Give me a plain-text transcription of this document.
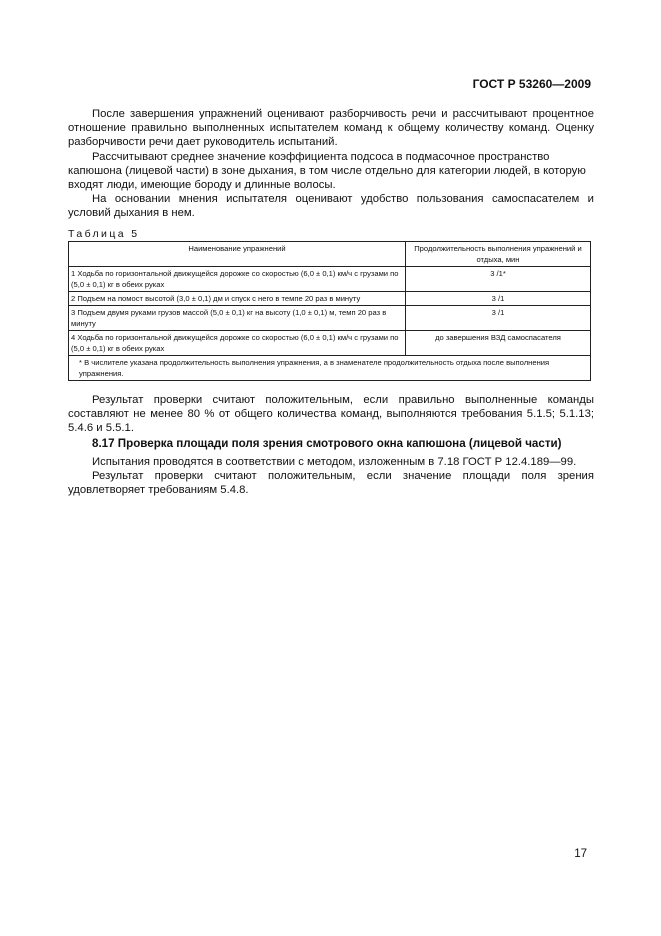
ГОСТ Р 53260—2009

После завершения упражнений оценивают разборчивость речи и рассчитывают процентное отношение правильно выполненных испытателем команд к общему количеству команд. Оценку разборчивости речи дает руководитель испытаний.

Рассчитывают среднее значение коэффициента подсоса в подмасочное пространство капюшона (лицевой части) в зоне дыхания, в том числе отдельно для категории людей, в которую входят люди, имеющие бороду и длинные волосы.

На основании мнения испытателя оценивают удобство пользования самоспасателем и условий дыхания в нем.

Таблица 5
Наименование упражнений	Продолжительность выполнения упражнений и отдыха, мин
1 Ходьба по горизонтальной движущейся дорожке со скоростью (6,0 ± 0,1) км/ч с грузами по (5,0 ± 0,1) кг в обеих руках	3 /1*
2 Подъем на помост высотой (3,0 ± 0,1) дм и спуск с него в темпе 20 раз в минуту	3 /1
3 Подъем двумя руками грузов массой (5,0 ± 0,1) кг на высоту (1,0 ± 0,1) м, темп 20 раз в минуту	3 /1
4 Ходьба по горизонтальной движущейся дорожке со скоростью (6,0 ± 0,1) км/ч с грузами по (5,0 ± 0,1) кг в обеих руках	до завершения ВЗД самоспасателя
* В числителе указана продолжительность выполнения упражнения, а в знаменателе продолжительность отдыха после выполнения упражнения.	

Результат проверки считают положительным, если правильно выполненные команды составляют не менее 80 % от общего количества команд, выполняются требования 5.1.5; 5.1.13; 5.4.6 и 5.5.1.

8.17 Проверка площади поля зрения смотрового окна капюшона (лицевой части)

Испытания проводятся в соответствии с методом, изложенным в 7.18 ГОСТ Р 12.4.189—99.

Результат проверки считают положительным, если значение площади поля зрения удовлетворяет требованиям 5.4.8.

17
